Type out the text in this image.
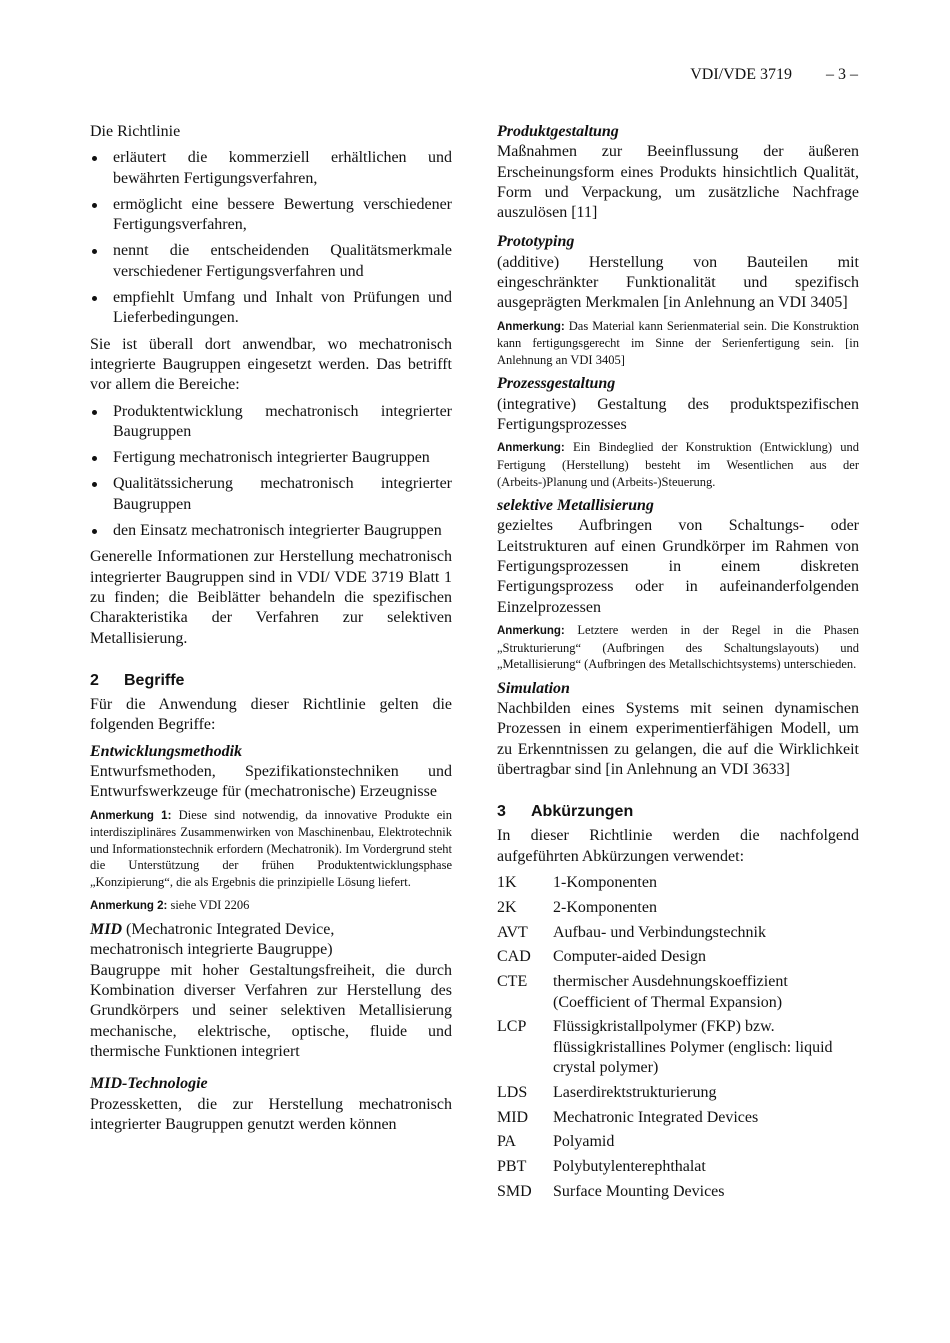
VDI/VDE 3719 – 3 –

Die Richtlinie

erläutert die kommerziell erhältlichen und bewährten Fertigungsverfahren,
ermöglicht eine bessere Bewertung verschiedener Fertigungsverfahren,
nennt die entscheidenden Qualitätsmerkmale verschiedener Fertigungsverfahren und
empfiehlt Umfang und Inhalt von Prüfungen und Lieferbedingungen.

Sie ist überall dort anwendbar, wo mechatronisch integrierte Baugruppen eingesetzt werden. Das betrifft vor allem die Bereiche:

Produktentwicklung mechatronisch integrierter Baugruppen
Fertigung mechatronisch integrierter Baugruppen
Qualitätssicherung mechatronisch integrierter Baugruppen
den Einsatz mechatronisch integrierter Baugruppen

Generelle Informationen zur Herstellung mechatronisch integrierter Baugruppen sind in VDI/ VDE 3719 Blatt 1 zu finden; die Beiblätter behandeln die spezifischen Charakteristika der Verfahren zur selektiven Metallisierung.

2 Begriffe

Für die Anwendung dieser Richtlinie gelten die folgenden Begriffe:

Entwicklungsmethodik

Entwurfsmethoden, Spezifikationstechniken und Entwurfswerkzeuge für (mechatronische) Erzeugnisse

Anmerkung 1: Diese sind notwendig, da innovative Produkte ein interdisziplinäres Zusammenwirken von Maschinenbau, Elektrotechnik und Informationstechnik erfordern (Mechatronik). Im Vordergrund steht die Unterstützung der frühen Produktentwicklungsphase „Konzipierung“, die als Ergebnis die prinzipielle Lösung liefert.
Anmerkung 2: siehe VDI 2206
MID (Mechatronic Integrated Device,

mechatronisch integrierte Baugruppe)

Baugruppe mit hoher Gestaltungsfreiheit, die durch Kombination diverser Verfahren zur Herstellung des Grundkörpers und seiner selektiven Metallisierung mechanische, elektrische, optische, fluide und thermische Funktionen integriert

MID-Technologie

Prozessketten, die zur Herstellung mechatronisch integrierter Baugruppen genutzt werden können

Produktgestaltung

Maßnahmen zur Beeinflussung der äußeren Erscheinungsform eines Produkts hinsichtlich Qualität, Form und Verpackung, um zusätzliche Nachfrage auszulösen [11]

Prototyping

(additive) Herstellung von Bauteilen mit eingeschränkter Funktionalität und spezifisch ausgeprägten Merkmalen [in Anlehnung an VDI 3405]

Anmerkung: Das Material kann Serienmaterial sein. Die Konstruktion kann fertigungsgerecht im Sinne der Serienfertigung sein. [in Anlehnung an VDI 3405]
Prozessgestaltung

(integrative) Gestaltung des produktspezifischen Fertigungsprozesses

Anmerkung: Ein Bindeglied der Konstruktion (Entwicklung) und Fertigung (Herstellung) besteht im Wesentlichen aus der (Arbeits-)Planung und (Arbeits-)Steuerung.
selektive Metallisierung

gezieltes Aufbringen von Schaltungs- oder Leitstrukturen auf einen Grundkörper im Rahmen von Fertigungsprozessen in einem diskreten Fertigungsprozess oder in aufeinanderfolgenden Einzelprozessen

Anmerkung: Letztere werden in der Regel in die Phasen „Strukturierung“ (Aufbringen des Schaltungslayouts) und „Metallisierung“ (Aufbringen des Metallschichtsystems) unterschieden.
Simulation

Nachbilden eines Systems mit seinen dynamischen Prozessen in einem experimentierfähigen Modell, um zu Erkenntnissen zu gelangen, die auf die Wirklichkeit übertragbar sind [in Anlehnung an VDI 3633]

3 Abkürzungen

In dieser Richtlinie werden die nachfolgend aufgeführten Abkürzungen verwendet:

1K	1-Komponenten
2K	2-Komponenten
AVT	Aufbau- und Verbindungstechnik
CAD	Computer-aided Design
CTE	thermischer Ausdehnungskoeffizient (Coefficient of Thermal Expansion)
LCP	Flüssigkristallpolymer (FKP) bzw. flüssigkristallines Polymer (englisch: liquid crystal polymer)
LDS	Laserdirektstrukturierung
MID	Mechatronic Integrated Devices
PA	Polyamid
PBT	Polybutylenterephthalat
SMD	Surface Mounting Devices
